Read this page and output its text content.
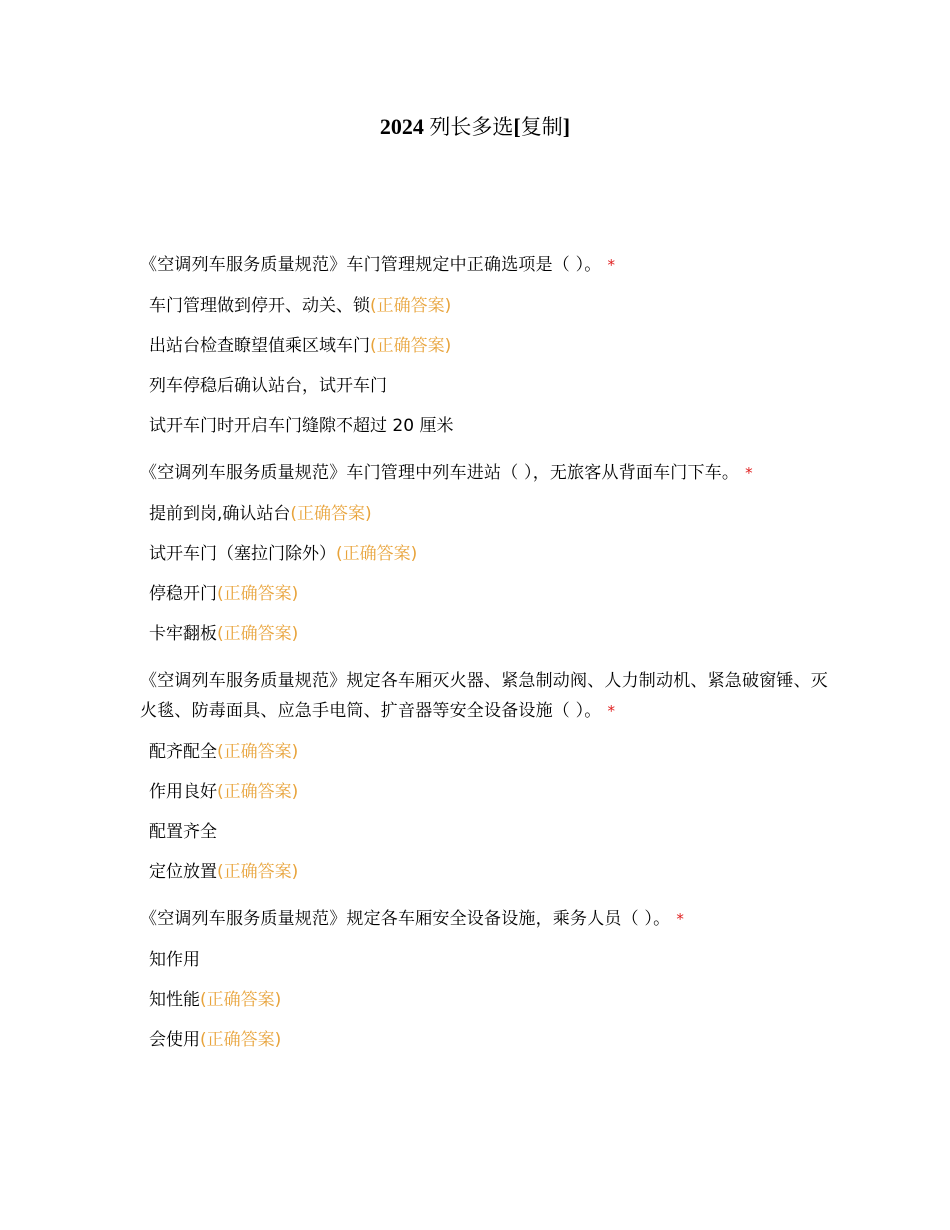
2024 列长多选[复制]
《空调列车服务质量规范》车门管理规定中正确选项是（ ）。 *
车门管理做到停开、动关、锁(正确答案)
出站台检查瞭望值乘区域车门(正确答案)
列车停稳后确认站台，试开车门
试开车门时开启车门缝隙不超过 20 厘米
《空调列车服务质量规范》车门管理中列车进站（ ），无旅客从背面车门下车。 *
提前到岗,确认站台(正确答案)
试开车门（塞拉门除外）(正确答案)
停稳开门(正确答案)
卡牢翻板(正确答案)
《空调列车服务质量规范》规定各车厢灭火器、紧急制动阀、人力制动机、紧急破窗锤、灭火毯、防毒面具、应急手电筒、扩音器等安全设备设施（ ）。 *
配齐配全(正确答案)
作用良好(正确答案)
配置齐全
定位放置(正确答案)
《空调列车服务质量规范》规定各车厢安全设备设施，乘务人员（ ）。 *
知作用
知性能(正确答案)
会使用(正确答案)
